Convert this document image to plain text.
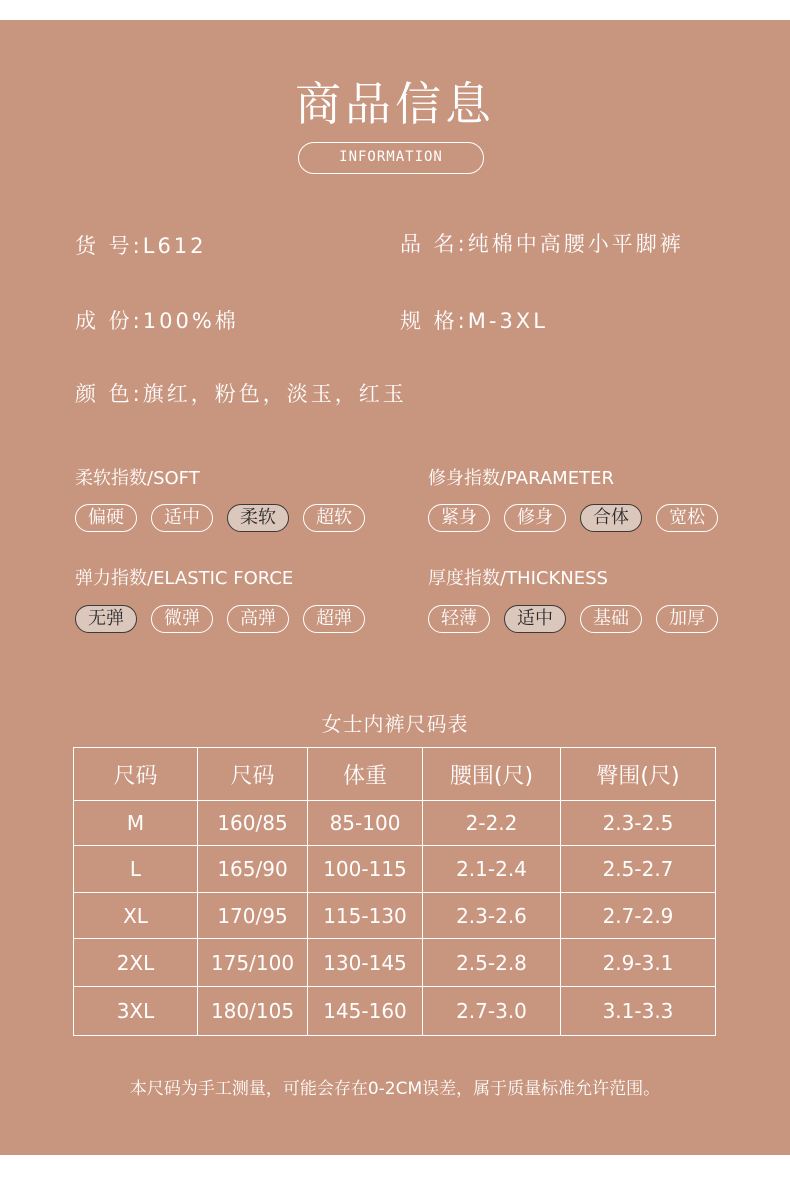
商品信息
INFORMATION
货 号:L612	品 名:纯棉中高腰小平脚裤
成 份:100%棉	规 格:M-3XL
颜 色:旗红，粉色，淡玉，红玉
柔软指数/SOFT
偏硬	适中	柔软	超软
修身指数/PARAMETER
紧身	修身	合体	宽松
弹力指数/ELASTIC FORCE
无弹	微弹	高弹	超弹
厚度指数/THICKNESS
轻薄	适中	基础	加厚
女士内裤尺码表
尺码	尺码	体重	腰围(尺)	臀围(尺)
M	160/85	85-100	2-2.2	2.3-2.5
L	165/90	100-115	2.1-2.4	2.5-2.7
XL	170/95	115-130	2.3-2.6	2.7-2.9
2XL	175/100	130-145	2.5-2.8	2.9-3.1
3XL	180/105	145-160	2.7-3.0	3.1-3.3
本尺码为手工测量，可能会存在0-2CM误差，属于质量标准允许范围。
